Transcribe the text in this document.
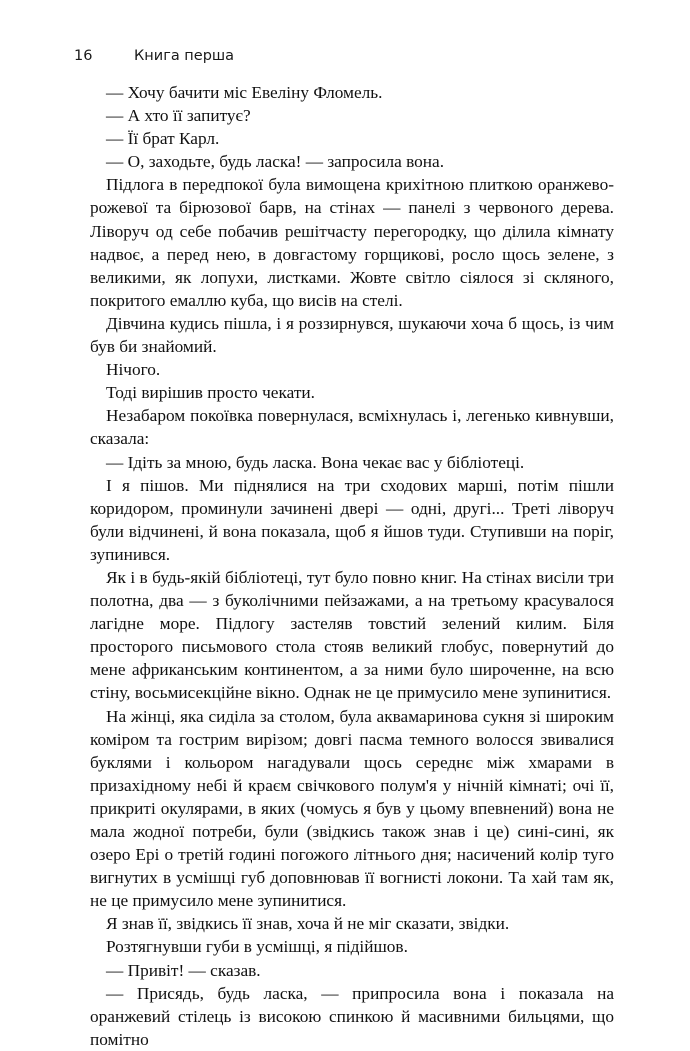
16	Книга перша

— Хочу бачити міс Евеліну Фломель.

— А хто її запитує?

— Її брат Карл.

— О, заходьте, будь ласка! — запросила вона.

Підлога в передпокої була вимощена крихітною плиткою оранжево-рожевої та бірюзової барв, на стінах — панелі з червоного дерева. Ліворуч од себе побачив решітчасту перегородку, що ділила кімнату надвоє, а перед нею, в довгастому горщикові, росло щось зелене, з великими, як лопухи, листками. Жовте світло сіялося зі скляного, покритого емаллю куба, що висів на стелі.

Дівчина кудись пішла, і я роззирнувся, шукаючи хоча б щось, із чим був би знайомий.

Нічого.

Тоді вирішив просто чекати.

Незабаром покоївка повернулася, всміхнулась і, легенько кивнувши, сказала:

— Ідіть за мною, будь ласка. Вона чекає вас у бібліотеці.

І я пішов. Ми піднялися на три сходових марші, потім пішли коридором, проминули зачинені двері — одні, другі... Треті ліворуч були відчинені, й вона показала, щоб я йшов туди. Ступивши на поріг, зупинився.

Як і в будь-якій бібліотеці, тут було повно книг. На стінах висіли три полотна, два — з буколічними пейзажами, а на третьому красувалося лагідне море. Підлогу застеляв товстий зелений килим. Біля просторого письмового стола стояв великий глобус, повернутий до мене африканським континентом, а за ними було широченне, на всю стіну, восьмисекційне вікно. Однак не це примусило мене зупинитися.

На жінці, яка сиділа за столом, була аквамаринова сукня зі широким коміром та гострим вирізом; довгі пасма темного волосся звивалися буклями і кольором нагадували щось середнє між хмарами в призахідному небі й краєм свічкового полум'я у нічній кімнаті; очі її, прикриті окулярами, в яких (чомусь я був у цьому впевнений) вона не мала жодної потреби, були (звідкись також знав і це) сині-сині, як озеро Ері о третій годині погожого літнього дня; насичений колір туго вигнутих в усмішці губ доповнював її вогнисті локони. Та хай там як, не це примусило мене зупинитися.

Я знав її, звідкись її знав, хоча й не міг сказати, звідки.

Розтягнувши губи в усмішці, я підійшов.

— Привіт! — сказав.

— Присядь, будь ласка, — припросила вона і показала на оранжевий стілець із високою спинкою й масивними бильцями, що помітно
